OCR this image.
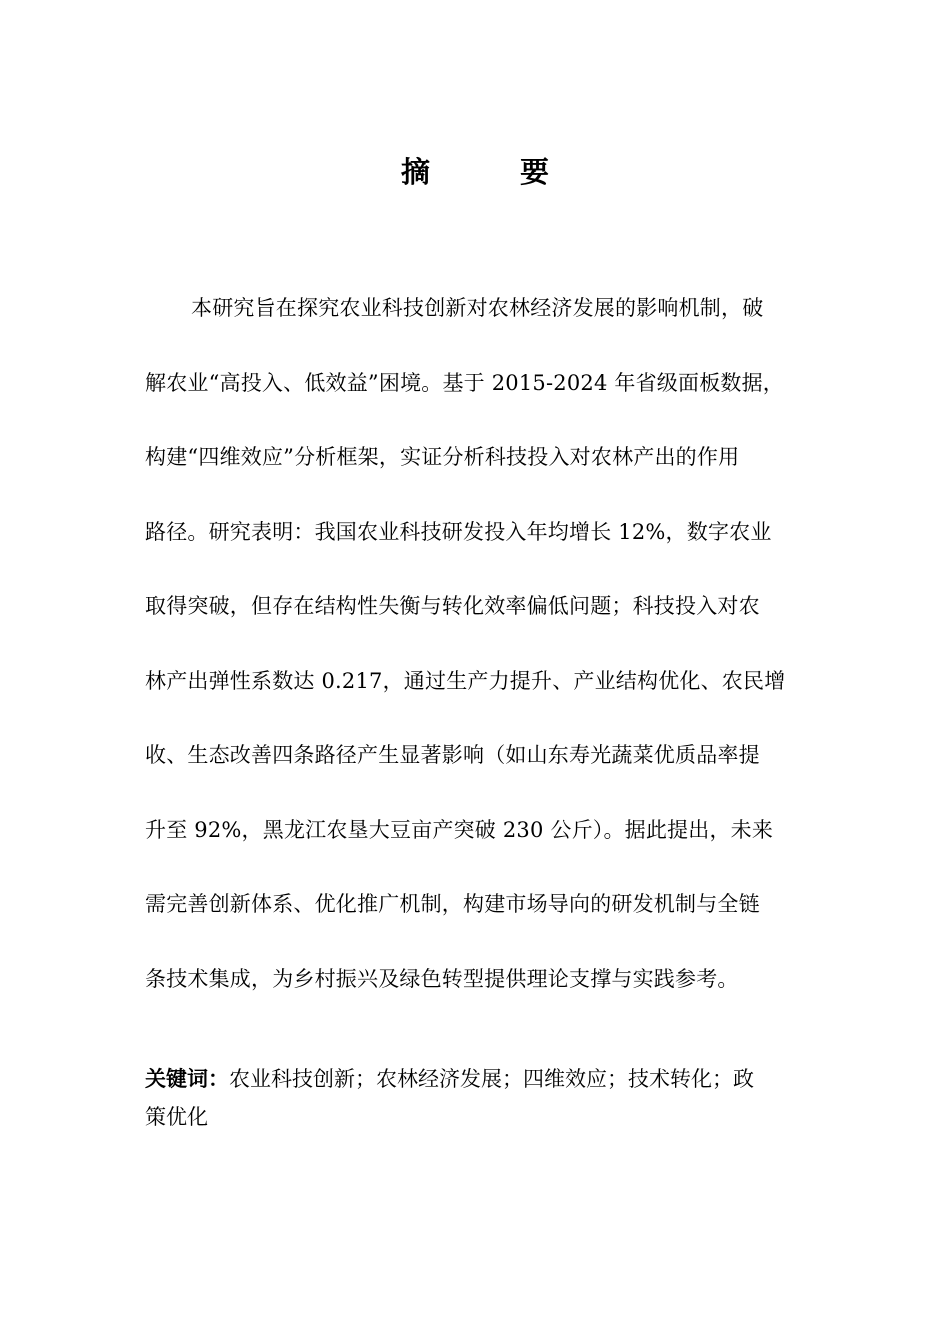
摘 要
本研究旨在探究农业科技创新对农林经济发展的影响机制，破
解农业“高投入、低效益”困境。基于 2015-2024 年省级面板数据，
构建“四维效应”分析框架，实证分析科技投入对农林产出的作用
路径。研究表明：我国农业科技研发投入年均增长 12%，数字农业
取得突破，但存在结构性失衡与转化效率偏低问题；科技投入对农
林产出弹性系数达 0.217，通过生产力提升、产业结构优化、农民增
收、生态改善四条路径产生显著影响（如山东寿光蔬菜优质品率提
升至 92%，黑龙江农垦大豆亩产突破 230 公斤）。据此提出，未来
需完善创新体系、优化推广机制，构建市场导向的研发机制与全链
条技术集成，为乡村振兴及绿色转型提供理论支撑与实践参考。
关键词：农业科技创新；农林经济发展；四维效应；技术转化；政
策优化
